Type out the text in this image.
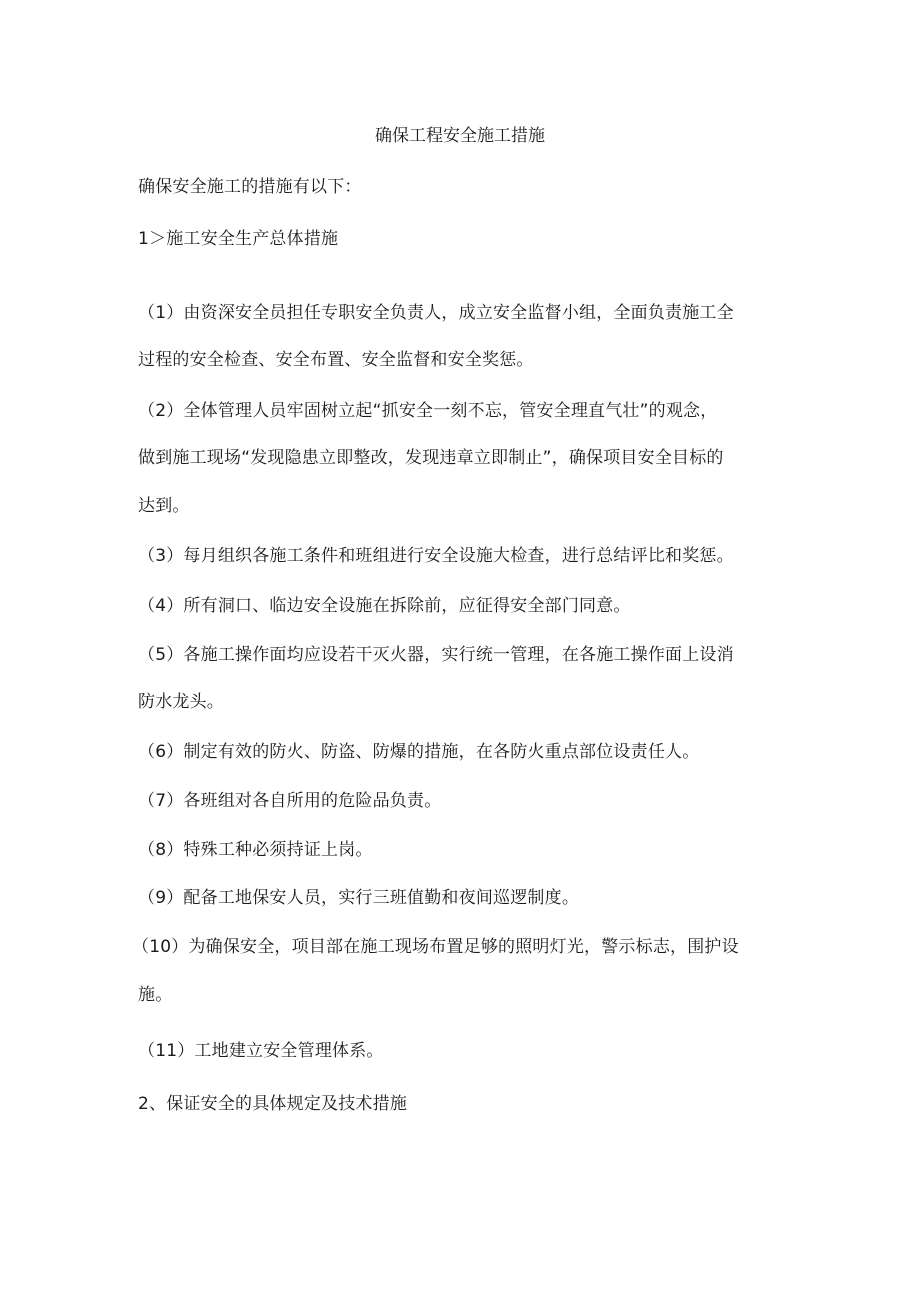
确保工程安全施工措施
确保安全施工的措施有以下：
1＞施工安全生产总体措施
（1）由资深安全员担任专职安全负责人，成立安全监督小组，全面负责施工全
过程的安全检查、安全布置、安全监督和安全奖惩。
（2）全体管理人员牢固树立起“抓安全一刻不忘，管安全理直气壮”的观念，
做到施工现场“发现隐患立即整改，发现违章立即制止”，确保项目安全目标的
达到。
（3）每月组织各施工条件和班组进行安全设施大检查，进行总结评比和奖惩。
（4）所有洞口、临边安全设施在拆除前，应征得安全部门同意。
（5）各施工操作面均应设若干灭火器，实行统一管理，在各施工操作面上设消
防水龙头。
（6）制定有效的防火、防盗、防爆的措施，在各防火重点部位设责任人。
（7）各班组对各自所用的危险品负责。
（8）特殊工种必须持证上岗。
（9）配备工地保安人员，实行三班值勤和夜间巡逻制度。
（10）为确保安全，项目部在施工现场布置足够的照明灯光，警示标志，围护设
施。
（11）工地建立安全管理体系。
2、保证安全的具体规定及技术措施
